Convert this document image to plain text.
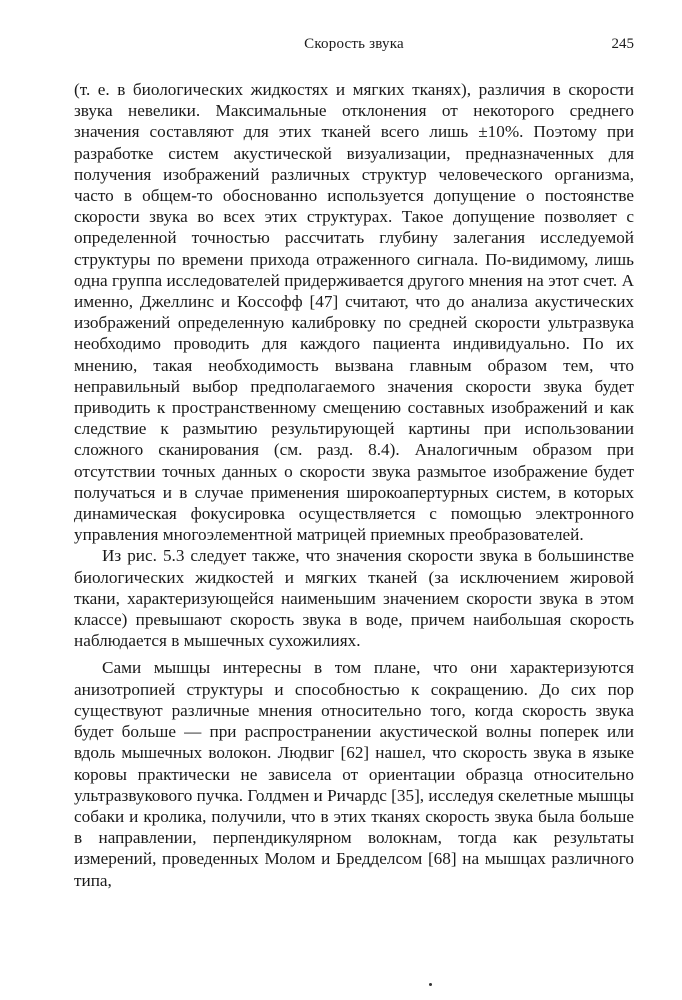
Скорость звука	245

(т. е. в биологических жидкостях и мягких тканях), различия в скорости звука невелики. Максимальные отклонения от некоторого среднего значения составляют для этих тканей всего лишь ±10%. Поэтому при разработке систем акустической визуализации, предназначенных для получения изображений различных структур человеческого организма, часто в общем-то обоснованно используется допущение о постоянстве скорости звука во всех этих структурах. Такое допущение позволяет с определенной точностью рассчитать глубину залегания исследуемой структуры по времени прихода отраженного сигнала. По-видимому, лишь одна группа исследователей придерживается другого мнения на этот счет. А именно, Джеллинс и Коссофф [47] считают, что до анализа акустических изображений определенную калибровку по средней скорости ультразвука необходимо проводить для каждого пациента индивидуально. По их мнению, такая необходимость вызвана главным образом тем, что неправильный выбор предполагаемого значения скорости звука будет приводить к пространственному смещению составных изображений и как следствие к размытию результирующей картины при использовании сложного сканирования (см. разд. 8.4). Аналогичным образом при отсутствии точных данных о скорости звука размытое изображение будет получаться и в случае применения широкоапертурных систем, в которых динамическая фокусировка осуществляется с помощью электронного управления многоэлементной матрицей приемных преобразователей.

Из рис. 5.3 следует также, что значения скорости звука в большинстве биологических жидкостей и мягких тканей (за исключением жировой ткани, характеризующейся наименьшим значением скорости звука в этом классе) превышают скорость звука в воде, причем наибольшая скорость наблюдается в мышечных сухожилиях.

Сами мышцы интересны в том плане, что они характеризуются анизотропией структуры и способностью к сокращению. До сих пор существуют различные мнения относительно того, когда скорость звука будет больше — при распространении акустической волны поперек или вдоль мышечных волокон. Людвиг [62] нашел, что скорость звука в языке коровы практически не зависела от ориентации образца относительно ультразвукового пучка. Голдмен и Ричардс [35], исследуя скелетные мышцы собаки и кролика, получили, что в этих тканях скорость звука была больше в направлении, перпендикулярном волокнам, тогда как результаты измерений, проведенных Молом и Бредделсом [68] на мышцах различного типа,
